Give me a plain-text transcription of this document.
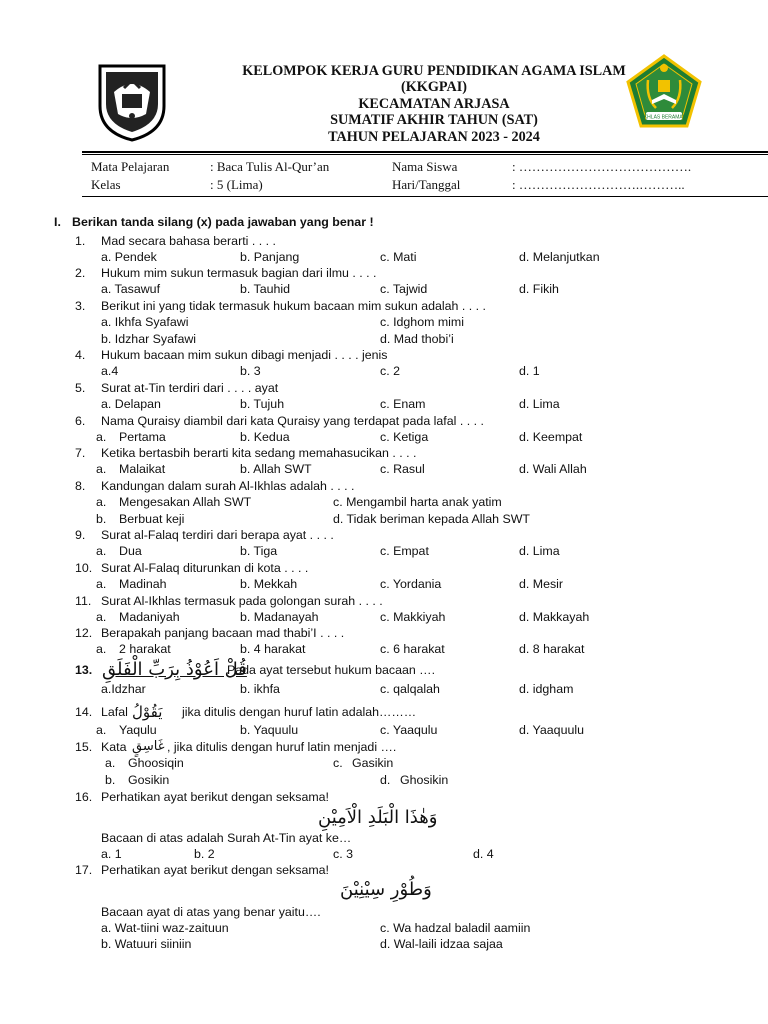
IKHLAS BERAMAL
KELOMPOK KERJA GURU PENDIDIKAN AGAMA ISLAM
(KKGPAI)
KECAMATAN ARJASA
SUMATIF AKHIR TAHUN (SAT)
TAHUN PELAJARAN 2023 - 2024
Mata Pelajaran	: Baca Tulis Al-Qur’an	Nama Siswa	: ………………………………….
Kelas	: 5 (Lima)	Hari/Tanggal	: ……………………….………..
I. Berikan tanda silang (x) pada jawaban yang benar !
1. Mad secara bahasa berarti . . . .
a. Pendek	b. Panjang	c. Mati	d. Melanjutkan
2. Hukum mim sukun termasuk bagian dari ilmu . . . .
a. Tasawuf	b. Tauhid	c. Tajwid	d. Fikih
3. Berikut ini yang tidak termasuk hukum bacaan mim sukun adalah . . . .
a. Ikhfa Syafawi	c. Idghom mimi
b. Idzhar Syafawi	d. Mad thobi’i
4. Hukum bacaan mim sukun dibagi menjadi . . . . jenis
a.4	b. 3	c. 2	d. 1
5. Surat at-Tin terdiri dari . . . . ayat
a. Delapan	b. Tujuh	c. Enam	d. Lima
6. Nama Quraisy diambil dari kata Quraisy yang terdapat pada lafal . . . .
a. Pertama	b. Kedua	c. Ketiga	d. Keempat
7. Ketika bertasbih berarti kita sedang memahasucikan . . . .
a. Malaikat	b. Allah SWT	c. Rasul	d. Wali Allah
8. Kandungan dalam surah Al-Ikhlas adalah . . . .
a. Mengesakan Allah SWT	c. Mengambil harta anak yatim
b. Berbuat keji	d. Tidak beriman kepada Allah SWT
9. Surat al-Falaq terdiri dari berapa ayat . . . .
a. Dua	b. Tiga	c. Empat	d. Lima
10. Surat Al-Falaq diturunkan di kota . . . .
a. Madinah	b. Mekkah	c. Yordania	d. Mesir
11. Surat Al-Ikhlas termasuk pada golongan surah . . . .
a. Madaniyah	b. Madanayah	c. Makkiyah	d. Makkayah
12. Berapakah panjang bacaan mad thabi’I . . . .
a. 2 harakat	b. 4 harakat	c. 6 harakat	d. 8 harakat
13. قُلْ اَعُوْذُ بِرَبِّ الْفَلَقِ
Pada ayat tersebut hukum bacaan ….
a.Idzhar	b. ikhfa	c. qalqalah	d. idgham
14. Lafal يَقُوْلُ jika ditulis dengan huruf latin adalah………
a. Yaqulu	b. Yaquulu	c. Yaaqulu	d. Yaaquulu
15. Kata غَاسِقٍ , jika ditulis dengan huruf latin menjadi ….
a. Ghoosiqin	c. Gasikin
b. Gosikin	d. Ghosikin
16. Perhatikan ayat berikut dengan seksama!
وَهٰذَا الْبَلَدِ الْاَمِيْنِ
Bacaan di atas adalah Surah At-Tin ayat ke…
a. 1	b. 2	c. 3	d. 4
17. Perhatikan ayat berikut dengan seksama!
وَطُوْرِ سِيْنِيْنَ
Bacaan ayat di atas yang benar yaitu….
a. Wat-tiini waz-zaituun	c. Wa hadzal baladil aamiin
b. Watuuri siiniin	d. Wal-laili idzaa sajaa
